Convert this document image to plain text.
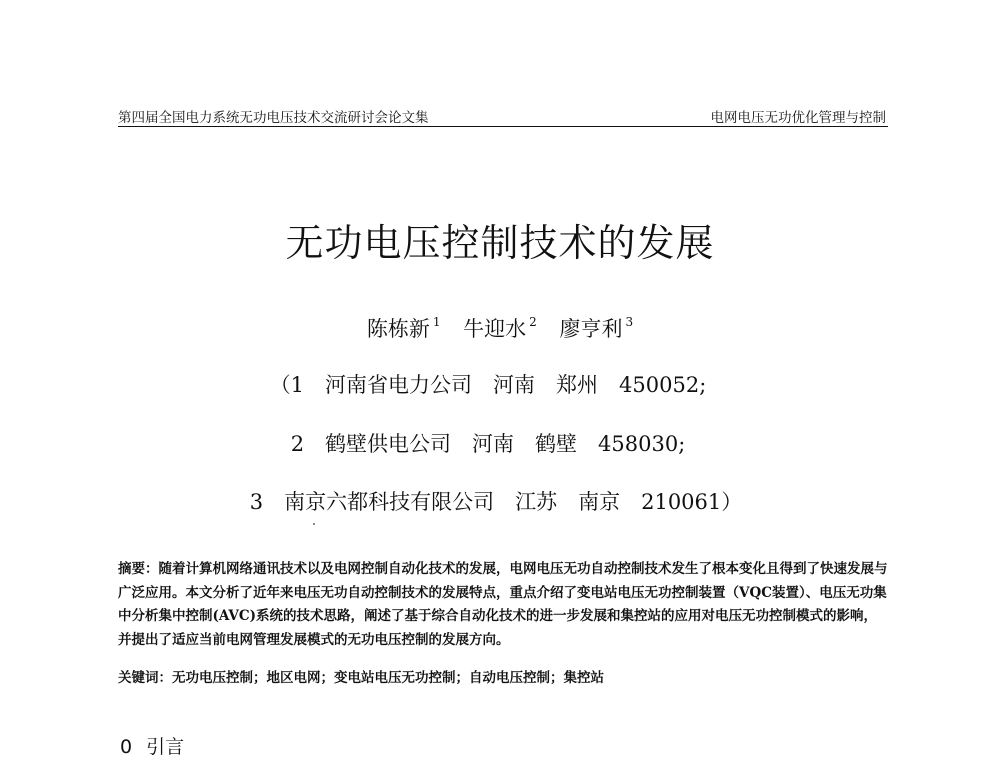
第四届全国电力系统无功电压技术交流研讨会论文集	电网电压无功优化管理与控制
无功电压控制技术的发展
陈栋新 $^1$ 牛迎水 $^2$ 廖亨利 $^3$
（1　河南省电力公司　河南　郑州　450052;
2　鹤壁供电公司　河南　鹤壁　458030;
3　南京六都科技有限公司　江苏　南京　210061）
摘要：随着计算机网络通讯技术以及电网控制自动化技术的发展，电网电压无功自动控制技术发生了根本变化且得到了快速发展与广泛应用。本文分析了近年来电压无功自动控制技术的发展特点，重点介绍了变电站电压无功控制装置（VQC装置）、电压无功集中分析集中控制(AVC)系统的技术思路，阐述了基于综合自动化技术的进一步发展和集控站的应用对电压无功控制模式的影响，并提出了适应当前电网管理发展模式的无功电压控制的发展方向。
关键词：无功电压控制；地区电网；变电站电压无功控制；自动电压控制；集控站
0 引言
